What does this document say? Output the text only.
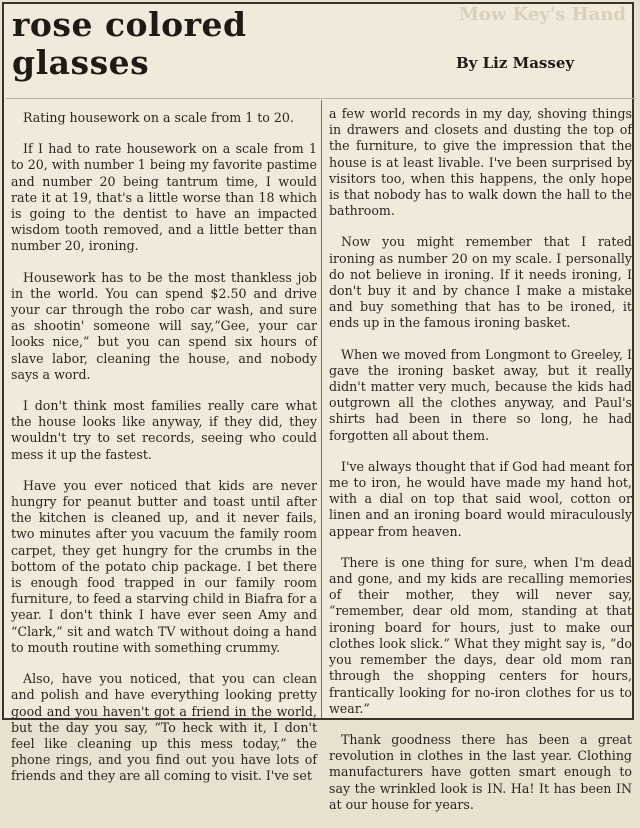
Mow Key's Hand
rose colored
glasses	By Liz Massey

Rating housework on a scale from 1 to 20.

If I had to rate housework on a scale from 1 to 20, with number 1 being my favorite pastime and number 20 being tantrum time, I would rate it at 19, that's a little worse than 18 which is going to the dentist to have an impacted wisdom tooth removed, and a little better than number 20, ironing.

Housework has to be the most thankless job in the world. You can spend $2.50 and drive your car through the robo car wash, and sure as shootin' someone will say,“Gee, your car looks nice,” but you can spend six hours of slave labor, cleaning the house, and nobody says a word.

I don't think most families really care what the house looks like anyway, if they did, they wouldn't try to set records, seeing who could mess it up the fastest.

Have you ever noticed that kids are never hungry for peanut butter and toast until after the kitchen is cleaned up, and it never fails, two minutes after you vacuum the family room carpet, they get hungry for the crumbs in the bottom of the potato chip package. I bet there is enough food trapped in our family room furniture, to feed a starving child in Biafra for a year. I don't think I have ever seen Amy and “Clark,” sit and watch TV without doing a hand to mouth routine with something crummy.

Also, have you noticed, that you can clean and polish and have everything looking pretty good and you haven't got a friend in the world, but the day you say, “To heck with it, I don't feel like cleaning up this mess today,” the phone rings, and you find out you have lots of friends and they are all coming to visit. I've set

a few world records in my day, shoving things in drawers and closets and dusting the top of the furniture, to give the impression that the house is at least livable. I've been surprised by visitors too, when this happens, the only hope is that nobody has to walk down the hall to the bathroom.

Now you might remember that I rated ironing as number 20 on my scale. I personally do not believe in ironing. If it needs ironing, I don't buy it and by chance I make a mistake and buy something that has to be ironed, it ends up in the famous ironing basket.

When we moved from Longmont to Greeley, I gave the ironing basket away, but it really didn't matter very much, because the kids had outgrown all the clothes anyway, and Paul's shirts had been in there so long, he had forgotten all about them.

I've always thought that if God had meant for me to iron, he would have made my hand hot, with a dial on top that said wool, cotton or linen and an ironing board would miraculously appear from heaven.

There is one thing for sure, when I'm dead and gone, and my kids are recalling memories of their mother, they will never say, “remember, dear old mom, standing at that ironing board for hours, just to make our clothes look slick.” What they might say is, “do you remember the days, dear old mom ran through the shopping centers for hours, frantically looking for no-iron clothes for us to wear.”

Thank goodness there has been a great revolution in clothes in the last year. Clothing manufacturers have gotten smart enough to say the wrinkled look is IN. Ha! It has been IN at our house for years.
